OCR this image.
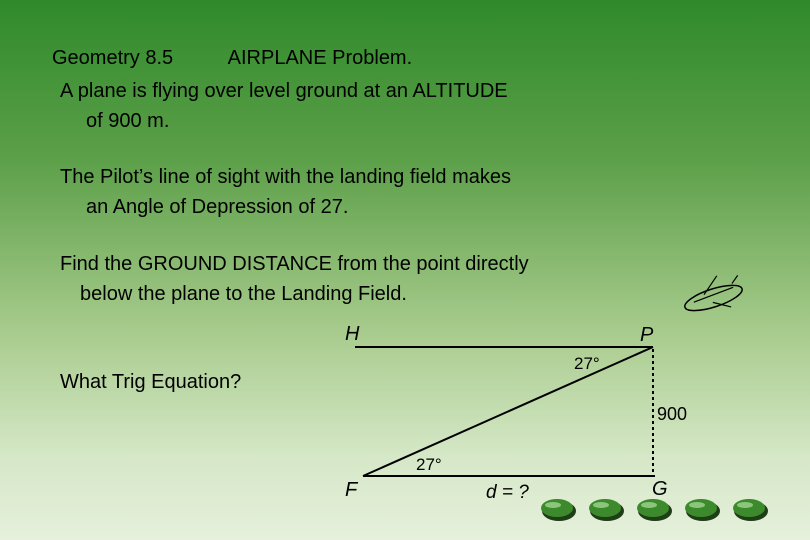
Geometry 8.5	AIRPLANE Problem.

A plane is flying over level ground at an ALTITUDE
of 900 m.

The Pilot’s line of sight with the landing field makes
an Angle of Depression of 27.

Find the GROUND DISTANCE from the point directly
below the plane to the Landing Field.

What Trig Equation?

H	P
F	G
27°
27°
900
d = ?
